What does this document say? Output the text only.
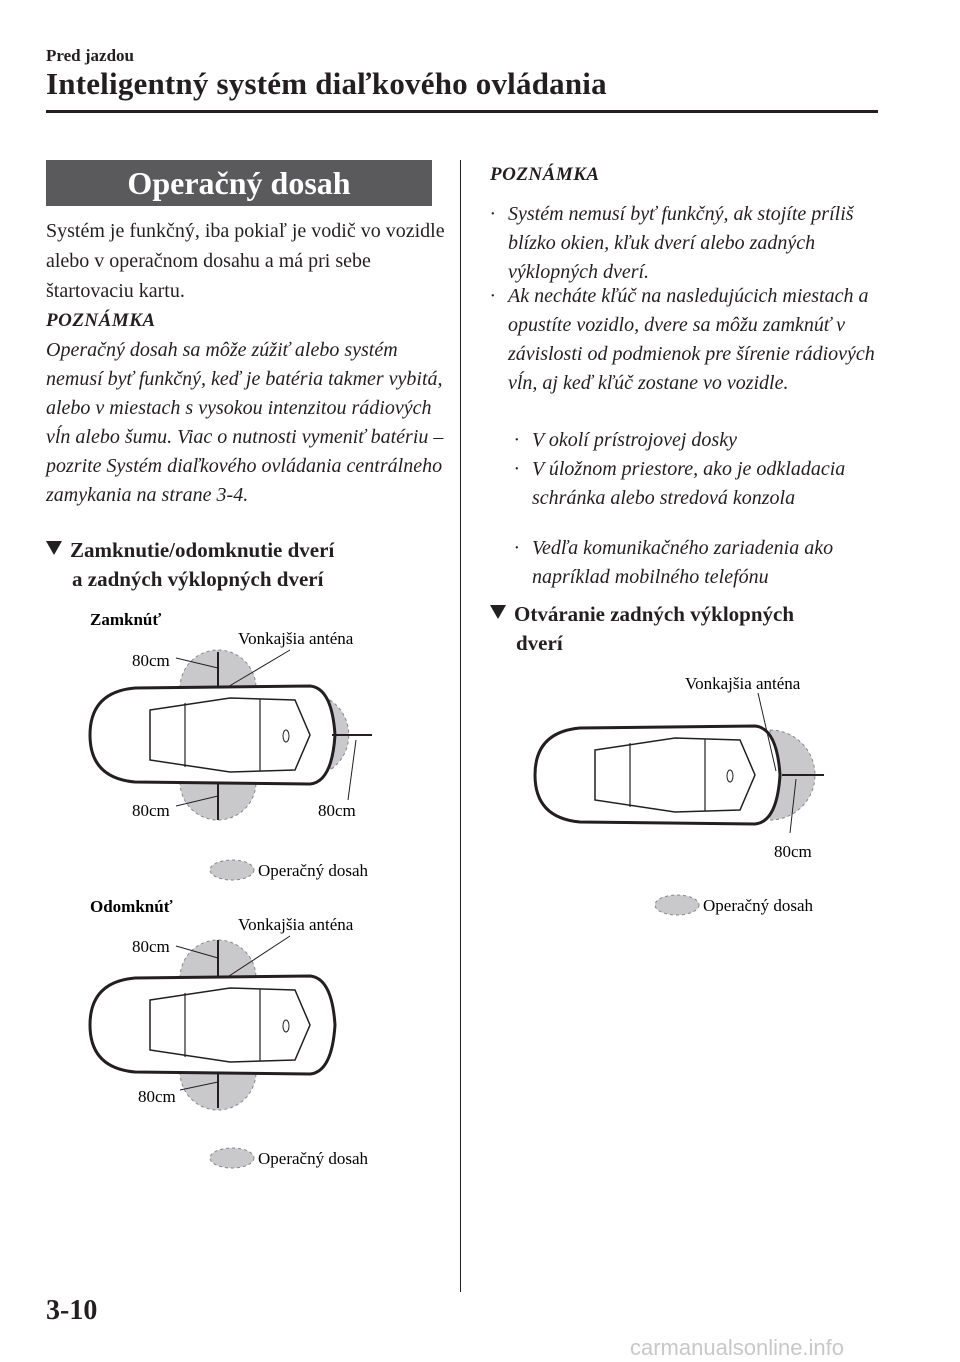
Pred jazdou
Inteligentný systém diaľkového ovládania
Operačný dosah
Systém je funkčný, iba pokiaľ je vodič vo vozidle alebo v operačnom dosahu a má pri sebe štartovaciu kartu.
POZNÁMKA
Operačný dosah sa môže zúžiť alebo systém nemusí byť funkčný, keď je batéria takmer vybitá, alebo v miestach s vysokou intenzitou rádiových vĺn alebo šumu. Viac o nutnosti vymeniť batériu – pozrite Systém diaľkového ovládania centrálneho zamykania na strane 3-4.
Zamknutie/odomknutie dverí
a zadných výklopných dverí
Zamknúť
Vonkajšia anténa
80cm
80cm	80cm
Operačný dosah
Odomknúť
Vonkajšia anténa
80cm
80cm
Operačný dosah
POZNÁMKA
· Systém nemusí byť funkčný, ak stojíte príliš blízko okien, kľuk dverí alebo zadných výklopných dverí.
· Ak necháte kľúč na nasledujúcich miestach a opustíte vozidlo, dvere sa môžu zamknúť v závislosti od podmienok pre šírenie rádiových vĺn, aj keď kľúč zostane vo vozidle.
· V okolí prístrojovej dosky
· V úložnom priestore, ako je odkladacia schránka alebo stredová konzola
· Vedľa komunikačného zariadenia ako napríklad mobilného telefónu
Otváranie zadných výklopných
dverí
Vonkajšia anténa
80cm
Operačný dosah
3-10
carmanualsonline.info
